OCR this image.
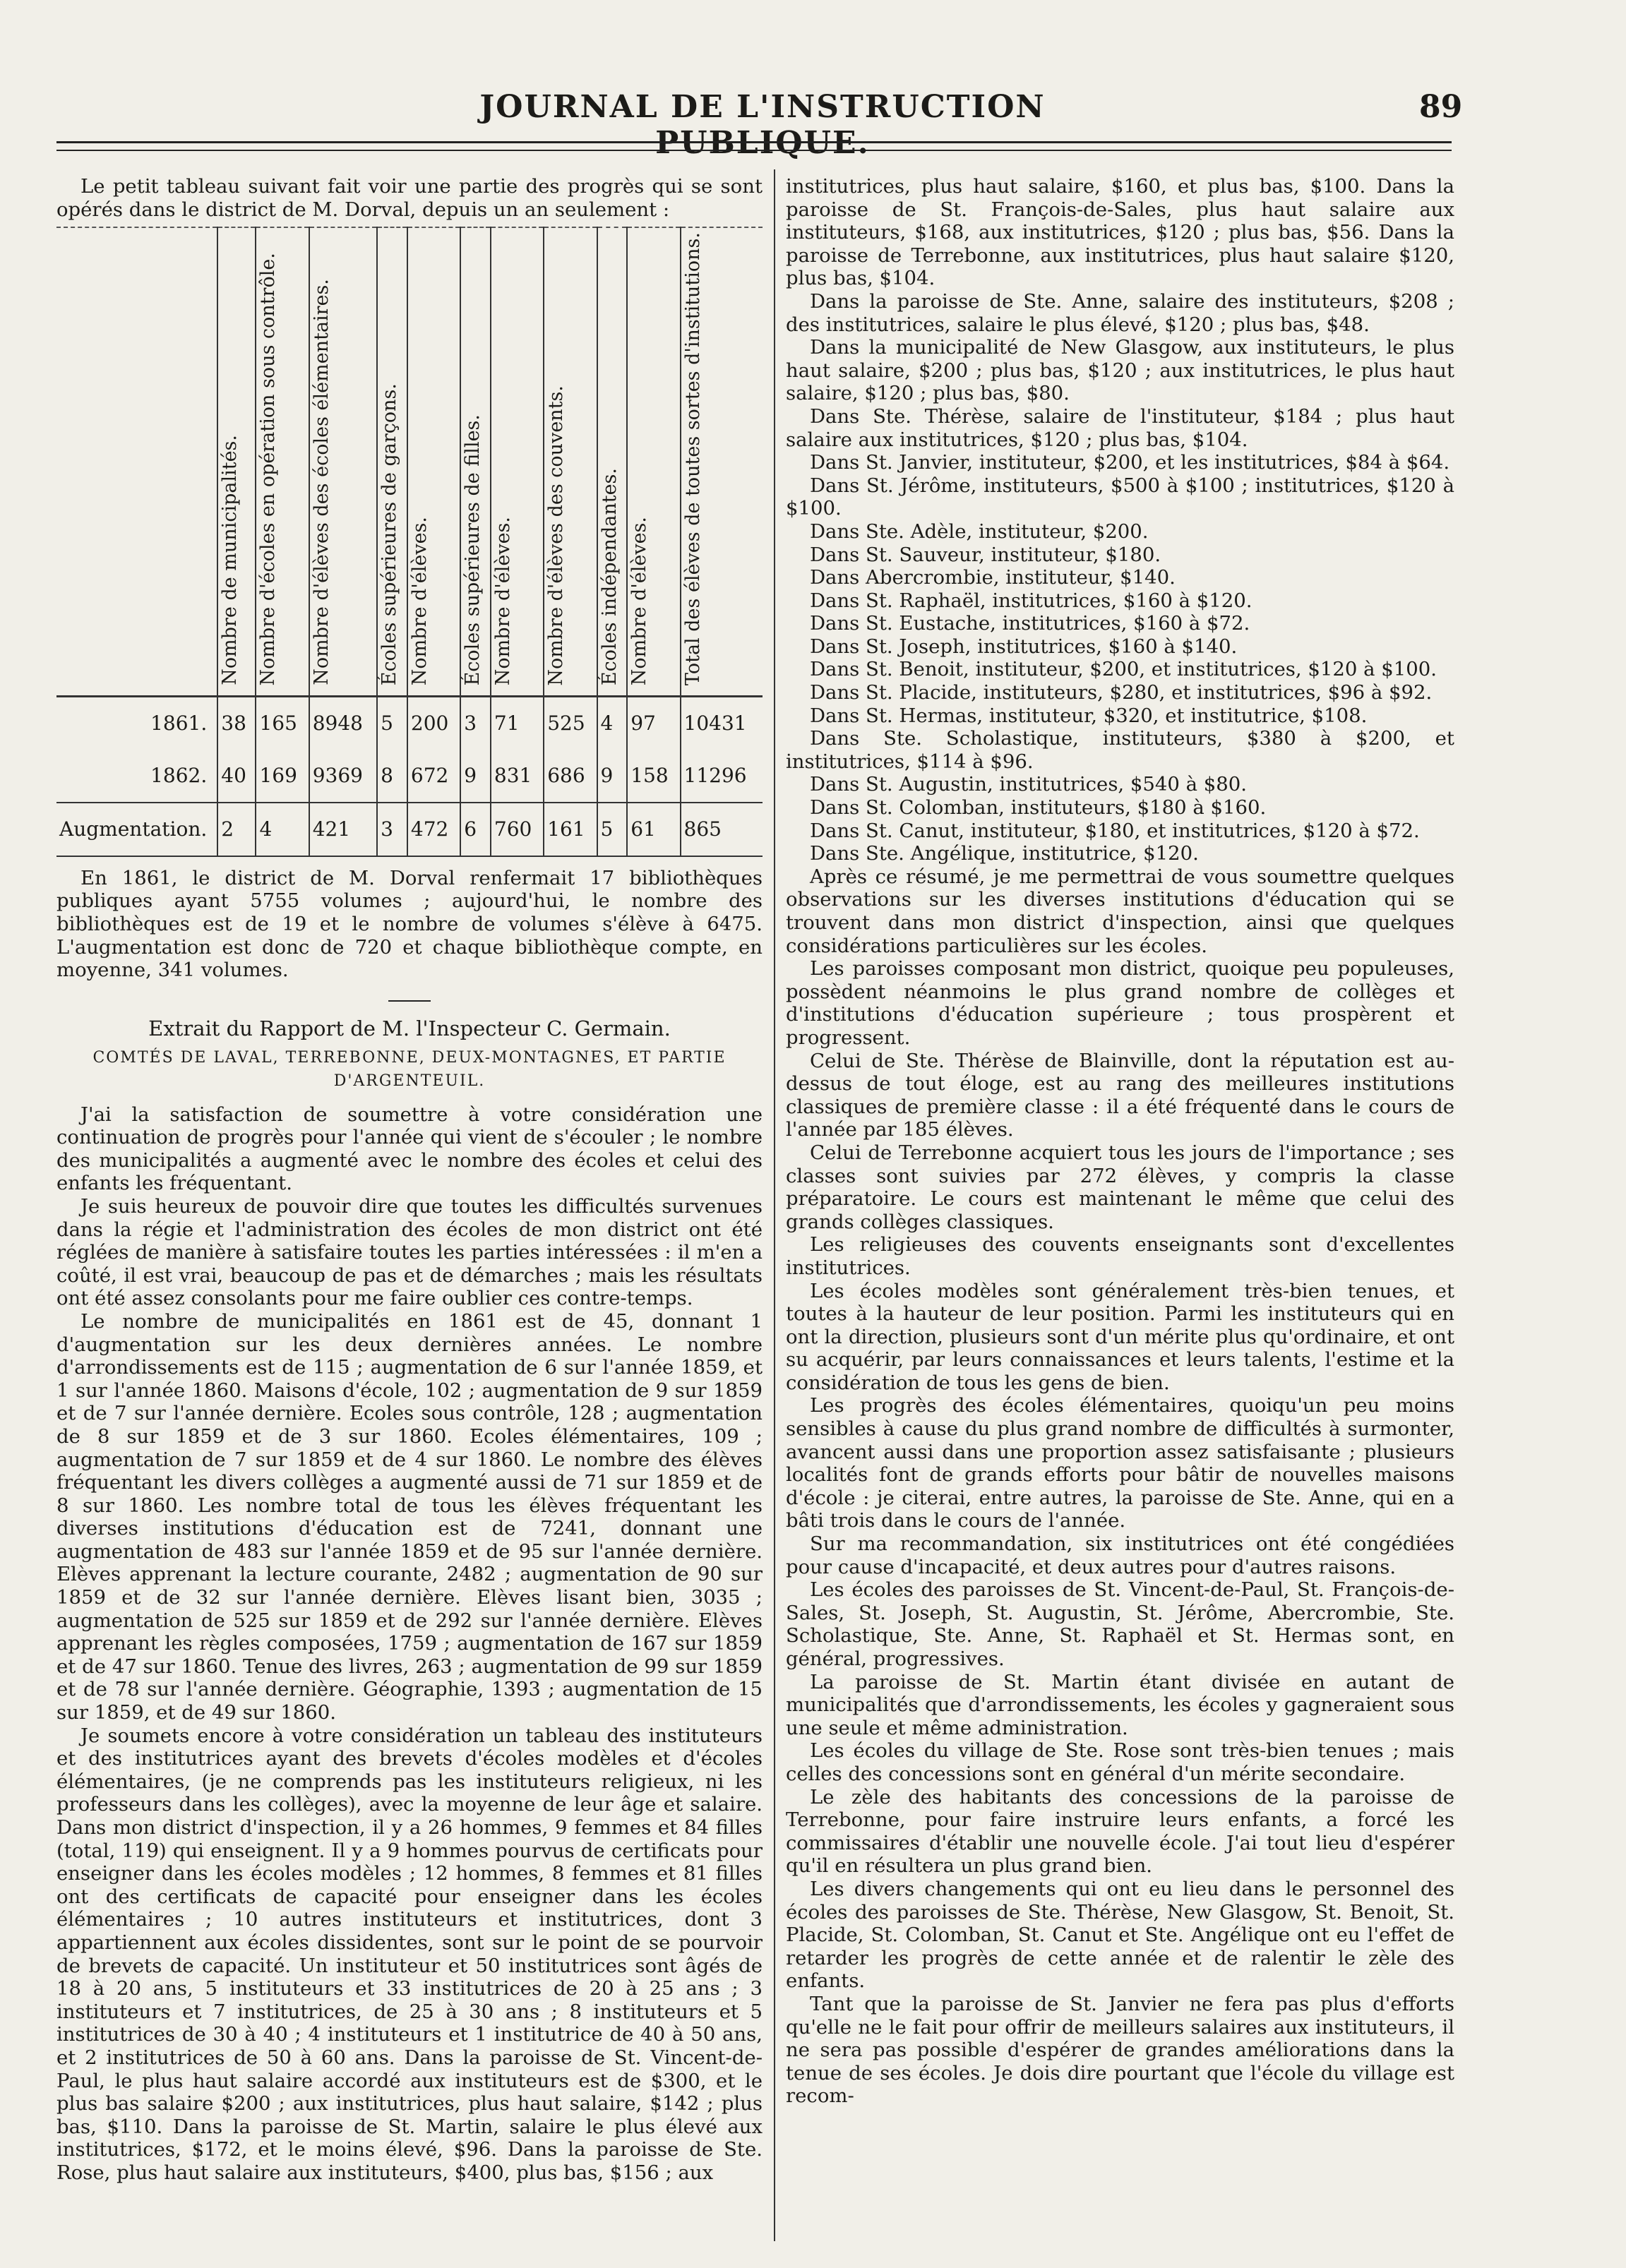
JOURNAL DE L'INSTRUCTION PUBLIQUE.
89

Le petit tableau suivant fait voir une partie des progrès qui se sont opérés dans le district de M. Dorval, depuis un an seulement :

	Nombre de municipalités.	Nombre d'écoles en opération sous contrôle.	Nombre d'élèves des écoles élémentaires.	Écoles supérieures de garçons.	Nombre d'élèves.	Écoles supérieures de filles.	Nombre d'élèves.	Nombre d'élèves des couvents.	Écoles indépendantes.	Nombre d'élèves.	Total des élèves de toutes sortes d'institutions.
1861.	38	165	8948	5	200	3	71	525	4	97	10431
1862.	40	169	9369	8	672	9	831	686	9	158	11296
Augmentation.	2	4	421	3	472	6	760	161	5	61	865

En 1861, le district de M. Dorval renfermait 17 bibliothèques publiques ayant 5755 volumes ; aujourd'hui, le nombre des bibliothèques est de 19 et le nombre de volumes s'élève à 6475. L'augmentation est donc de 720 et chaque bibliothèque compte, en moyenne, 341 volumes.

Extrait du Rapport de M. l'Inspecteur C. Germain.

COMTÉS DE LAVAL, TERREBONNE, DEUX-MONTAGNES, ET PARTIE D'ARGENTEUIL.

J'ai la satisfaction de soumettre à votre considération une continuation de progrès pour l'année qui vient de s'écouler ; le nombre des municipalités a augmenté avec le nombre des écoles et celui des enfants les fréquentant.

Je suis heureux de pouvoir dire que toutes les difficultés survenues dans la régie et l'administration des écoles de mon district ont été réglées de manière à satisfaire toutes les parties intéressées : il m'en a coûté, il est vrai, beaucoup de pas et de démarches ; mais les résultats ont été assez consolants pour me faire oublier ces contre-temps.

Le nombre de municipalités en 1861 est de 45, donnant 1 d'augmentation sur les deux dernières années. Le nombre d'arrondissements est de 115 ; augmentation de 6 sur l'année 1859, et 1 sur l'année 1860. Maisons d'école, 102 ; augmentation de 9 sur 1859 et de 7 sur l'année dernière. Ecoles sous contrôle, 128 ; augmentation de 8 sur 1859 et de 3 sur 1860. Ecoles élémentaires, 109 ; augmentation de 7 sur 1859 et de 4 sur 1860. Le nombre des élèves fréquentant les divers collèges a augmenté aussi de 71 sur 1859 et de 8 sur 1860. Les nombre total de tous les élèves fréquentant les diverses institutions d'éducation est de 7241, donnant une augmentation de 483 sur l'année 1859 et de 95 sur l'année dernière. Elèves apprenant la lecture courante, 2482 ; augmentation de 90 sur 1859 et de 32 sur l'année dernière. Elèves lisant bien, 3035 ; augmentation de 525 sur 1859 et de 292 sur l'année dernière. Elèves apprenant les règles composées, 1759 ; augmentation de 167 sur 1859 et de 47 sur 1860. Tenue des livres, 263 ; augmentation de 99 sur 1859 et de 78 sur l'année dernière. Géographie, 1393 ; augmentation de 15 sur 1859, et de 49 sur 1860.

Je soumets encore à votre considération un tableau des instituteurs et des institutrices ayant des brevets d'écoles modèles et d'écoles élémentaires, (je ne comprends pas les instituteurs religieux, ni les professeurs dans les collèges), avec la moyenne de leur âge et salaire. Dans mon district d'inspection, il y a 26 hommes, 9 femmes et 84 filles (total, 119) qui enseignent. Il y a 9 hommes pourvus de certificats pour enseigner dans les écoles modèles ; 12 hommes, 8 femmes et 81 filles ont des certificats de capacité pour enseigner dans les écoles élémentaires ; 10 autres instituteurs et institutrices, dont 3 appartiennent aux écoles dissidentes, sont sur le point de se pourvoir de brevets de capacité. Un instituteur et 50 institutrices sont âgés de 18 à 20 ans, 5 instituteurs et 33 institutrices de 20 à 25 ans ; 3 instituteurs et 7 institutrices, de 25 à 30 ans ; 8 instituteurs et 5 institutrices de 30 à 40 ; 4 instituteurs et 1 institutrice de 40 à 50 ans, et 2 institutrices de 50 à 60 ans. Dans la paroisse de St. Vincent-de-Paul, le plus haut salaire accordé aux instituteurs est de $300, et le plus bas salaire $200 ; aux institutrices, plus haut salaire, $142 ; plus bas, $110. Dans la paroisse de St. Martin, salaire le plus élevé aux institutrices, $172, et le moins élevé, $96. Dans la paroisse de Ste. Rose, plus haut salaire aux instituteurs, $400, plus bas, $156 ; aux

institutrices, plus haut salaire, $160, et plus bas, $100. Dans la paroisse de St. François-de-Sales, plus haut salaire aux instituteurs, $168, aux institutrices, $120 ; plus bas, $56. Dans la paroisse de Terrebonne, aux institutrices, plus haut salaire $120, plus bas, $104.

Dans la paroisse de Ste. Anne, salaire des instituteurs, $208 ; des institutrices, salaire le plus élevé, $120 ; plus bas, $48.

Dans la municipalité de New Glasgow, aux instituteurs, le plus haut salaire, $200 ; plus bas, $120 ; aux institutrices, le plus haut salaire, $120 ; plus bas, $80.

Dans Ste. Thérèse, salaire de l'instituteur, $184 ; plus haut salaire aux institutrices, $120 ; plus bas, $104.

Dans St. Janvier, instituteur, $200, et les institutrices, $84 à $64.

Dans St. Jérôme, instituteurs, $500 à $100 ; institutrices, $120 à $100.

Dans Ste. Adèle, instituteur, $200.

Dans St. Sauveur, instituteur, $180.

Dans Abercrombie, instituteur, $140.

Dans St. Raphaël, institutrices, $160 à $120.

Dans St. Eustache, institutrices, $160 à $72.

Dans St. Joseph, institutrices, $160 à $140.

Dans St. Benoit, instituteur, $200, et institutrices, $120 à $100.

Dans St. Placide, instituteurs, $280, et institutrices, $96 à $92.

Dans St. Hermas, instituteur, $320, et institutrice, $108.

Dans Ste. Scholastique, instituteurs, $380 à $200, et institutrices, $114 à $96.

Dans St. Augustin, institutrices, $540 à $80.

Dans St. Colomban, instituteurs, $180 à $160.

Dans St. Canut, instituteur, $180, et institutrices, $120 à $72.

Dans Ste. Angélique, institutrice, $120.

Après ce résumé, je me permettrai de vous soumettre quelques observations sur les diverses institutions d'éducation qui se trouvent dans mon district d'inspection, ainsi que quelques considérations particulières sur les écoles.

Les paroisses composant mon district, quoique peu populeuses, possèdent néanmoins le plus grand nombre de collèges et d'institutions d'éducation supérieure ; tous prospèrent et progressent.

Celui de Ste. Thérèse de Blainville, dont la réputation est au-dessus de tout éloge, est au rang des meilleures institutions classiques de première classe : il a été fréquenté dans le cours de l'année par 185 élèves.

Celui de Terrebonne acquiert tous les jours de l'importance ; ses classes sont suivies par 272 élèves, y compris la classe préparatoire. Le cours est maintenant le même que celui des grands collèges classiques.

Les religieuses des couvents enseignants sont d'excellentes institutrices.

Les écoles modèles sont généralement très-bien tenues, et toutes à la hauteur de leur position. Parmi les instituteurs qui en ont la direction, plusieurs sont d'un mérite plus qu'ordinaire, et ont su acquérir, par leurs connaissances et leurs talents, l'estime et la considération de tous les gens de bien.

Les progrès des écoles élémentaires, quoiqu'un peu moins sensibles à cause du plus grand nombre de difficultés à surmonter, avancent aussi dans une proportion assez satisfaisante ; plusieurs localités font de grands efforts pour bâtir de nouvelles maisons d'école : je citerai, entre autres, la paroisse de Ste. Anne, qui en a bâti trois dans le cours de l'année.

Sur ma recommandation, six institutrices ont été congédiées pour cause d'incapacité, et deux autres pour d'autres raisons.

Les écoles des paroisses de St. Vincent-de-Paul, St. François-de-Sales, St. Joseph, St. Augustin, St. Jérôme, Abercrombie, Ste. Scholastique, Ste. Anne, St. Raphaël et St. Hermas sont, en général, progressives.

La paroisse de St. Martin étant divisée en autant de municipalités que d'arrondissements, les écoles y gagneraient sous une seule et même administration.

Les écoles du village de Ste. Rose sont très-bien tenues ; mais celles des concessions sont en général d'un mérite secondaire.

Le zèle des habitants des concessions de la paroisse de Terrebonne, pour faire instruire leurs enfants, a forcé les commissaires d'établir une nouvelle école. J'ai tout lieu d'espérer qu'il en résultera un plus grand bien.

Les divers changements qui ont eu lieu dans le personnel des écoles des paroisses de Ste. Thérèse, New Glasgow, St. Benoit, St. Placide, St. Colomban, St. Canut et Ste. Angélique ont eu l'effet de retarder les progrès de cette année et de ralentir le zèle des enfants.

Tant que la paroisse de St. Janvier ne fera pas plus d'efforts qu'elle ne le fait pour offrir de meilleurs salaires aux instituteurs, il ne sera pas possible d'espérer de grandes améliorations dans la tenue de ses écoles. Je dois dire pourtant que l'école du village est recom-
